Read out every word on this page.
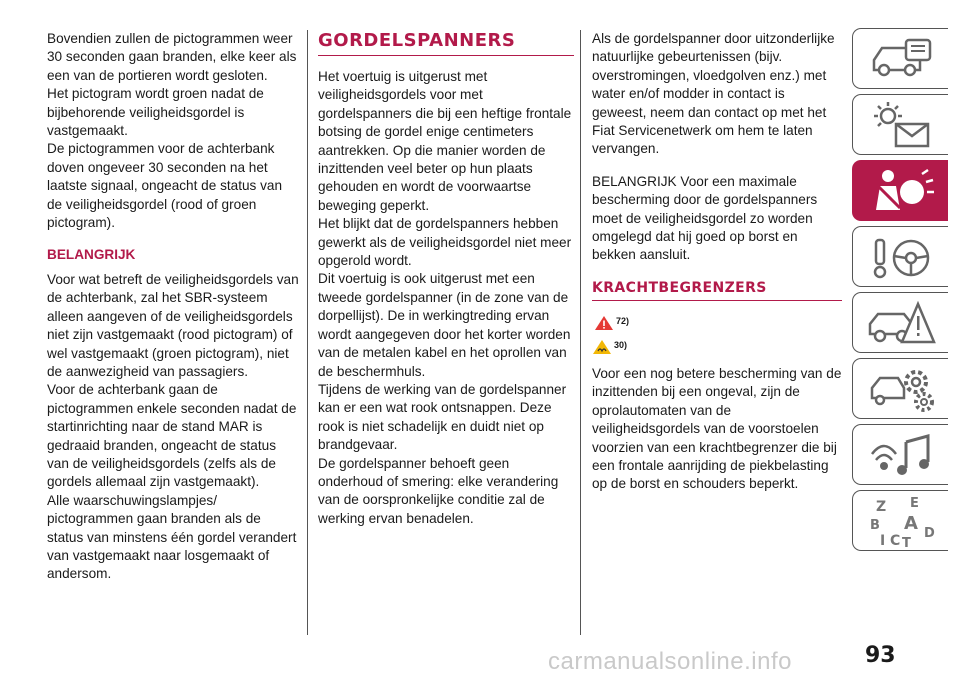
Bovendien zullen de pictogrammen weer 30 seconden gaan branden, elke keer als een van de portieren wordt gesloten.

Het pictogram wordt groen nadat de bijbehorende veiligheidsgordel is vastgemaakt.

De pictogrammen voor de achterbank doven ongeveer 30 seconden na het laatste signaal, ongeacht de status van de veiligheidsgordel (rood of groen pictogram).

BELANGRIJK

Voor wat betreft de veiligheidsgordels van de achterbank, zal het SBR-systeem alleen aangeven of de veiligheidsgordels niet zijn vastgemaakt (rood pictogram) of wel vastgemaakt (groen pictogram), niet de aanwezigheid van passagiers.

Voor de achterbank gaan de pictogrammen enkele seconden nadat de startinrichting naar de stand MAR is gedraaid branden, ongeacht de status van de veiligheidsgordels (zelfs als de gordels allemaal zijn vastgemaakt).

Alle waarschuwingslampjes/ pictogrammen gaan branden als de status van minstens één gordel verandert van vastgemaakt naar losgemaakt of andersom.

GORDELSPANNERS

Het voertuig is uitgerust met veiligheidsgordels voor met gordelspanners die bij een heftige frontale botsing de gordel enige centimeters aantrekken. Op die manier worden de inzittenden veel beter op hun plaats gehouden en wordt de voorwaartse beweging geperkt.

Het blijkt dat de gordelspanners hebben gewerkt als de veiligheidsgordel niet meer opgerold wordt.

Dit voertuig is ook uitgerust met een tweede gordelspanner (in de zone van de dorpellijst). De in werkingtreding ervan wordt aangegeven door het korter worden van de metalen kabel en het oprollen van de beschermhuls.

Tijdens de werking van de gordelspanner kan er een wat rook ontsnappen. Deze rook is niet schadelijk en duidt niet op brandgevaar.

De gordelspanner behoeft geen onderhoud of smering: elke verandering van de oorspronkelijke conditie zal de werking ervan benadelen.

Als de gordelspanner door uitzonderlijke natuurlijke gebeurtenissen (bijv. overstromingen, vloedgolven enz.) met water en/of modder in contact is geweest, neem dan contact op met het Fiat Servicenetwerk om hem te laten vervangen.

BELANGRIJK Voor een maximale bescherming door de gordelspanners moet de veiligheidsgordel zo worden omgelegd dat hij goed op borst en bekken aansluit.

KRACHTBEGRENZERS
72)
30)

Voor een nog betere bescherming van de inzittenden bij een ongeval, zijn de oprolautomaten van de veiligheidsgordels van de voorstoelen voorzien van een krachtbegrenzer die bij een frontale aanrijding de piekbelasting op de borst en schouders beperkt.

Z E
B A D
I C T
93
carmanualsonline.info
